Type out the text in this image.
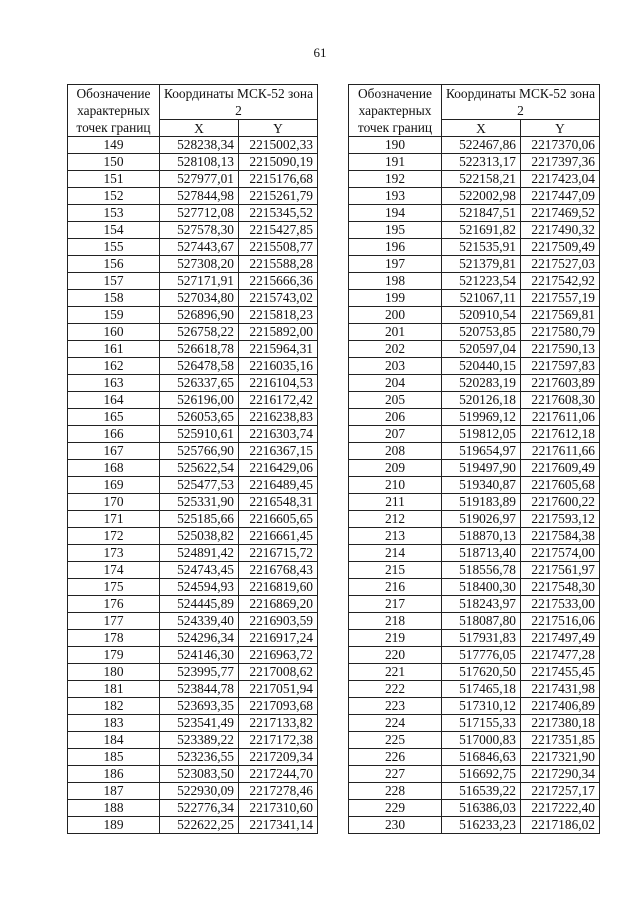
61
Обозначение характерных точек границ	Координаты МСК-52 зона 2	
	X	Y
149	528238,34	2215002,33
150	528108,13	2215090,19
151	527977,01	2215176,68
152	527844,98	2215261,79
153	527712,08	2215345,52
154	527578,30	2215427,85
155	527443,67	2215508,77
156	527308,20	2215588,28
157	527171,91	2215666,36
158	527034,80	2215743,02
159	526896,90	2215818,23
160	526758,22	2215892,00
161	526618,78	2215964,31
162	526478,58	2216035,16
163	526337,65	2216104,53
164	526196,00	2216172,42
165	526053,65	2216238,83
166	525910,61	2216303,74
167	525766,90	2216367,15
168	525622,54	2216429,06
169	525477,53	2216489,45
170	525331,90	2216548,31
171	525185,66	2216605,65
172	525038,82	2216661,45
173	524891,42	2216715,72
174	524743,45	2216768,43
175	524594,93	2216819,60
176	524445,89	2216869,20
177	524339,40	2216903,59
178	524296,34	2216917,24
179	524146,30	2216963,72
180	523995,77	2217008,62
181	523844,78	2217051,94
182	523693,35	2217093,68
183	523541,49	2217133,82
184	523389,22	2217172,38
185	523236,55	2217209,34
186	523083,50	2217244,70
187	522930,09	2217278,46
188	522776,34	2217310,60
189	522622,25	2217341,14
Обозначение характерных точек границ	Координаты МСК-52 зона 2	
	X	Y
190	522467,86	2217370,06
191	522313,17	2217397,36
192	522158,21	2217423,04
193	522002,98	2217447,09
194	521847,51	2217469,52
195	521691,82	2217490,32
196	521535,91	2217509,49
197	521379,81	2217527,03
198	521223,54	2217542,92
199	521067,11	2217557,19
200	520910,54	2217569,81
201	520753,85	2217580,79
202	520597,04	2217590,13
203	520440,15	2217597,83
204	520283,19	2217603,89
205	520126,18	2217608,30
206	519969,12	2217611,06
207	519812,05	2217612,18
208	519654,97	2217611,66
209	519497,90	2217609,49
210	519340,87	2217605,68
211	519183,89	2217600,22
212	519026,97	2217593,12
213	518870,13	2217584,38
214	518713,40	2217574,00
215	518556,78	2217561,97
216	518400,30	2217548,30
217	518243,97	2217533,00
218	518087,80	2217516,06
219	517931,83	2217497,49
220	517776,05	2217477,28
221	517620,50	2217455,45
222	517465,18	2217431,98
223	517310,12	2217406,89
224	517155,33	2217380,18
225	517000,83	2217351,85
226	516846,63	2217321,90
227	516692,75	2217290,34
228	516539,22	2217257,17
229	516386,03	2217222,40
230	516233,23	2217186,02
